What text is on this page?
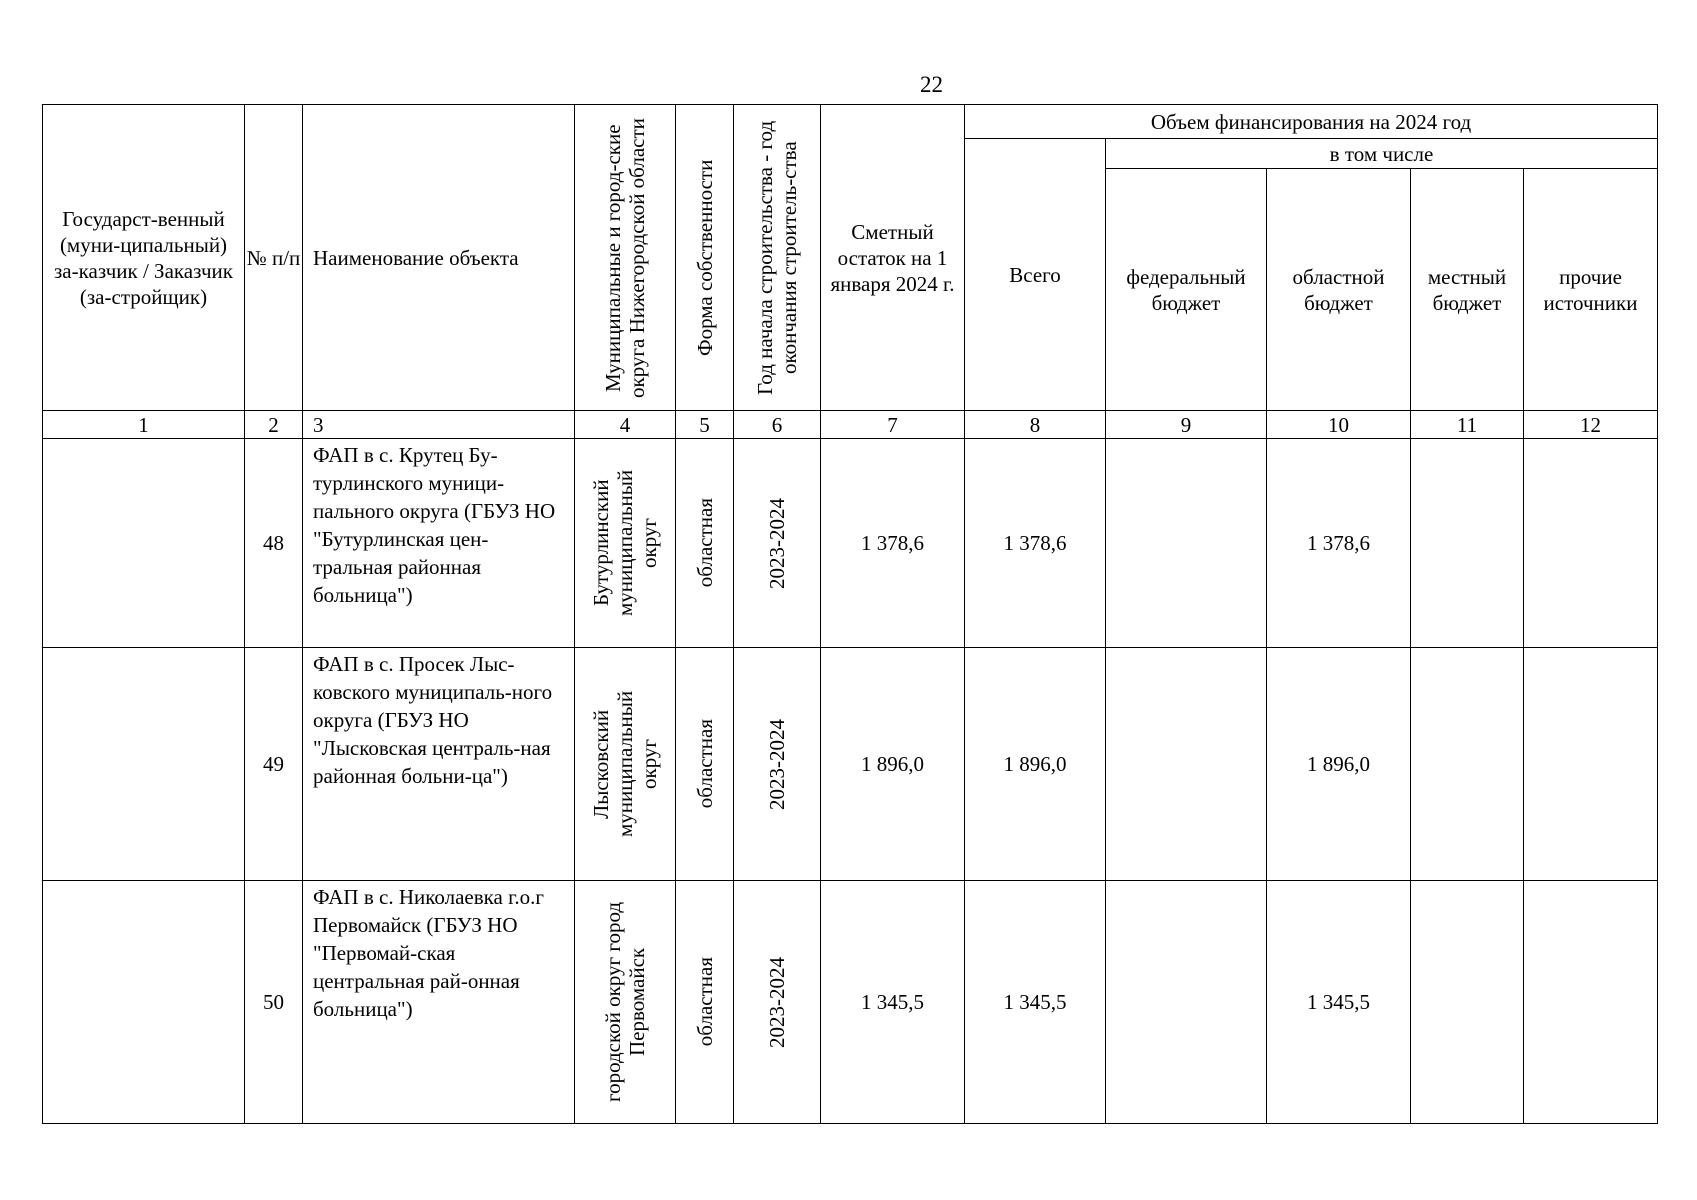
22
Государст-венный (муни-ципальный) за-казчик / Заказчик (за-стройщик)	№ п/п	Наименование объекта	Муниципальные и город-ские округа Нижегородской области	Форма собственности	Год начала строительства - год окончания строитель-ства	Сметный остаток на 1 января 2024 г.	Объем финансирования на 2024 год				
							Всего	в том числе			

								федеральный бюджет	областной бюджет	местный бюджет	прочие источники

1	2	3	4	5	6	7	8	9	10	11	12
	48	ФАП в с. Крутец Бу-турлинского муници-пального округа (ГБУЗ НО "Бутурлинская цен-тральная районная больница")	Бутурлинский муниципальный округ	областная	2023-2024	1 378,6	1 378,6		1 378,6		
	49	ФАП в с. Просек Лыс-ковского муниципаль-ного округа (ГБУЗ НО "Лысковская централь-ная районная больни-ца")	Лысковский муниципальный округ	областная	2023-2024	1 896,0	1 896,0		1 896,0		
	50	ФАП в с. Николаевка г.о.г Первомайск (ГБУЗ НО "Первомай-ская центральная рай-онная больница")	городской округ город Первомайск	областная	2023-2024	1 345,5	1 345,5		1 345,5		
